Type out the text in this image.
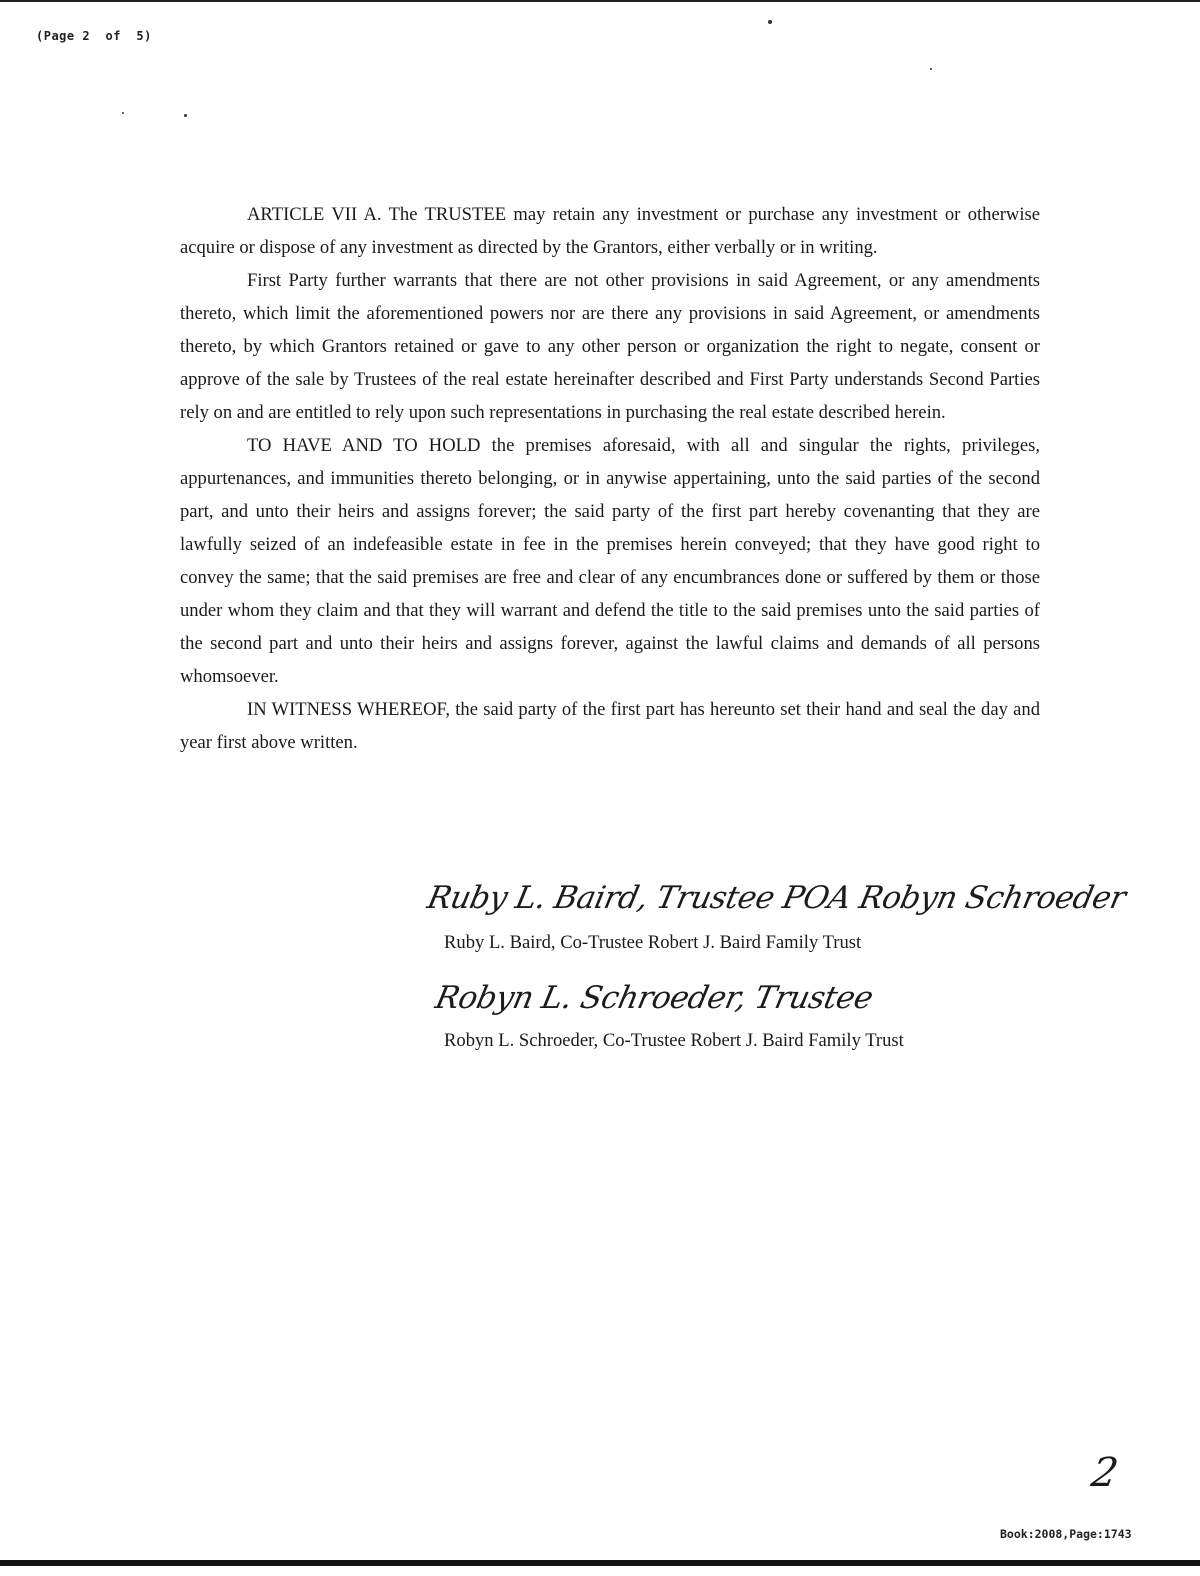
(Page 2  of  5)

ARTICLE VII A. The TRUSTEE may retain any investment or purchase any investment or otherwise acquire or dispose of any investment as directed by the Grantors, either verbally or in writing.

First Party further warrants that there are not other provisions in said Agreement, or any amendments thereto, which limit the aforementioned powers nor are there any provisions in said Agreement, or amendments thereto, by which Grantors retained or gave to any other person or organization the right to negate, consent or approve of the sale by Trustees of the real estate hereinafter described and First Party understands Second Parties rely on and are entitled to rely upon such representations in purchasing the real estate described herein.

TO HAVE AND TO HOLD the premises aforesaid, with all and singular the rights, privileges, appurtenances, and immunities thereto belonging, or in anywise appertaining, unto the said parties of the second part, and unto their heirs and assigns forever; the said party of the first part hereby covenanting that they are lawfully seized of an indefeasible estate in fee in the premises herein conveyed; that they have good right to convey the same; that the said premises are free and clear of any encumbrances done or suffered by them or those under whom they claim and that they will warrant and defend the title to the said premises unto the said parties of the second part and unto their heirs and assigns forever, against the lawful claims and demands of all persons whomsoever.

IN WITNESS WHEREOF, the said party of the first part has hereunto set their hand and seal the day and year first above written.

Ruby L. Baird, Trustee POA Robyn Schroeder
Ruby L. Baird, Co-Trustee Robert J. Baird Family Trust
Robyn L. Schroeder, Trustee
Robyn L. Schroeder, Co-Trustee Robert J. Baird Family Trust
2
Book:2008,Page:1743
